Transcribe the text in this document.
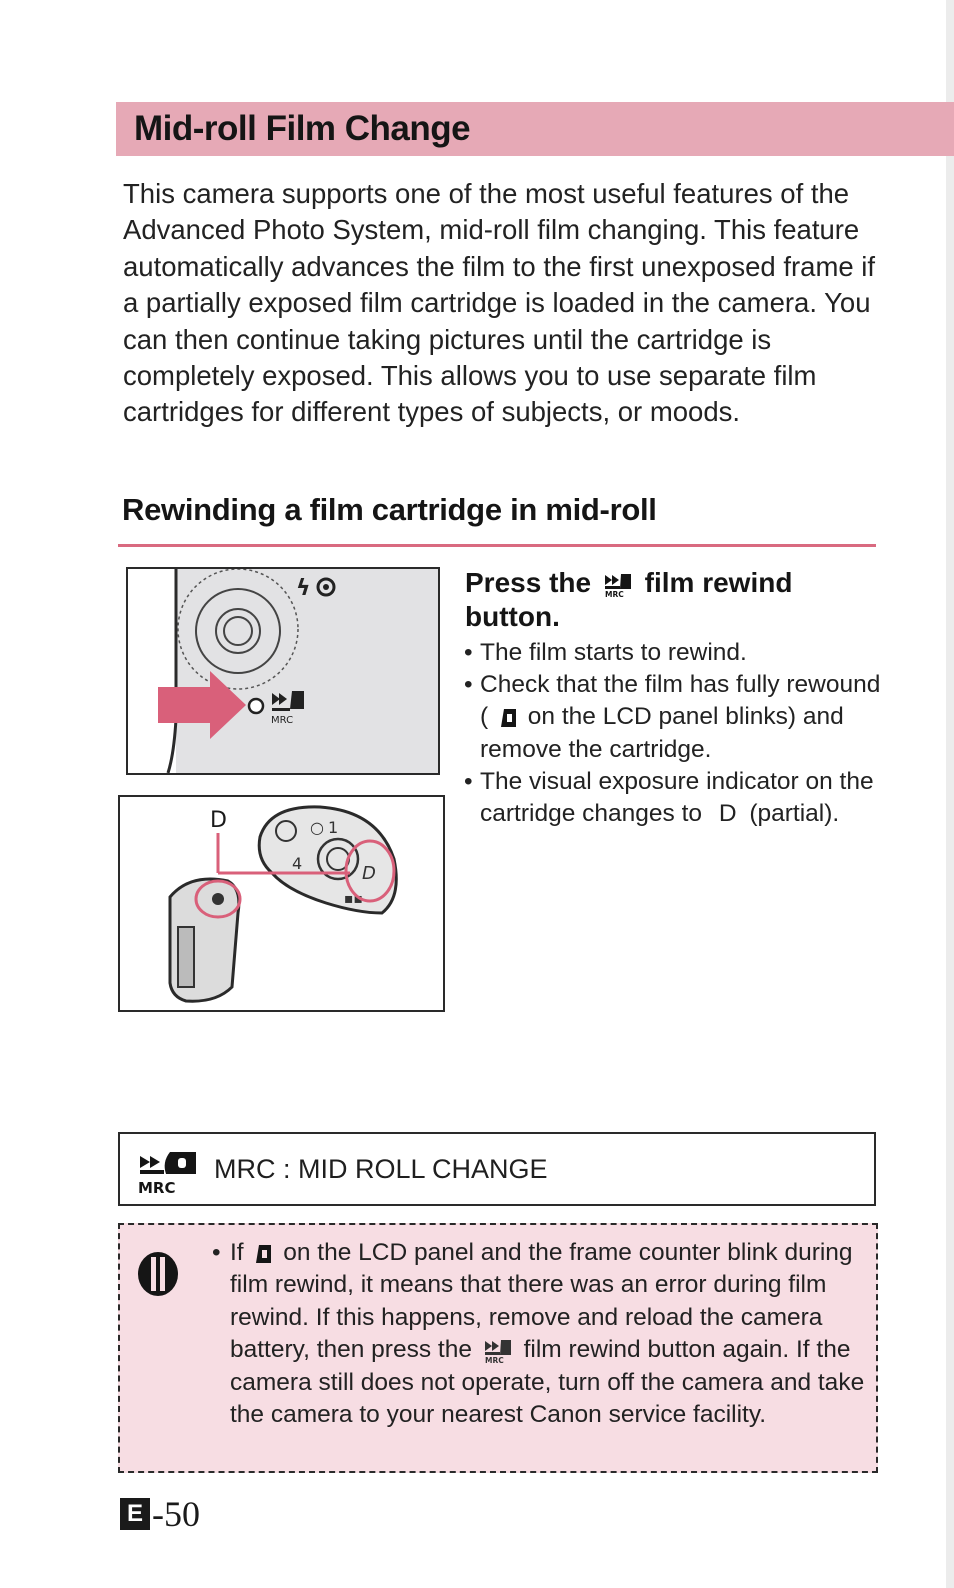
Mid-roll Film Change

This camera supports one of the most useful features of the Advanced Photo System, mid-roll film changing. This feature automatically advances the film to the first unexposed frame if a partially exposed film cartridge is loaded in the camera. You can then continue taking pictures until the cartridge is completely exposed. This allows you to use separate film cartridges for different types of subjects, or moods.

Rewinding a film cartridge in mid-roll
ϟ
MRC
○ 1
4
▪▪
D
D

Press the MRC film rewind button.

• The film starts to rewind.
• Check that the film has fully rewound ( on the LCD panel blinks) and remove the cartridge.
• The visual exposure indicator on the cartridge changes to D (partial).
MRC
MRC : MID ROLL CHANGE
• If on the LCD panel and the frame counter blink during film rewind, it means that there was an error during film rewind. If this happens, remove and reload the camera battery, then press the MRC film rewind button again. If the camera still does not operate, turn off the camera and take the camera to your nearest Canon service facility.

E -50
